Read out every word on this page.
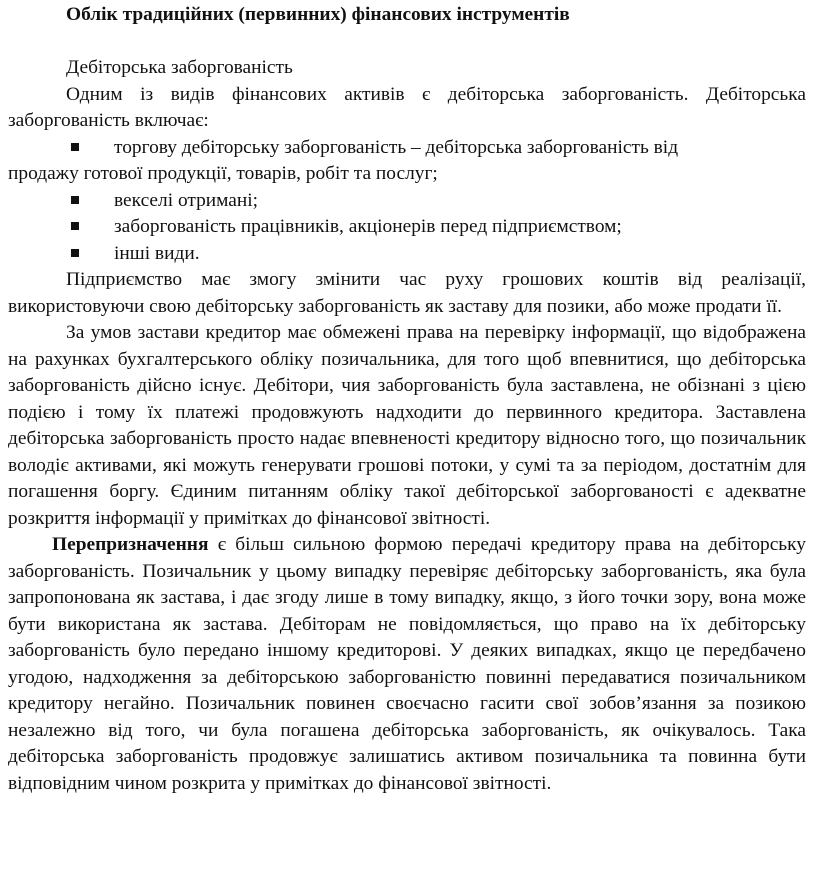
Облік традиційних (первинних) фінансових інструментів

Дебіторська заборгованість

Одним із видів фінансових активів є дебіторська заборгованість. Дебіторська заборгованість включає:

торгову дебіторську заборгованість – дебіторська заборгованість від
продажу готової продукції, товарів, робіт та послуг;
векселі отримані;
заборгованість працівників, акціонерів перед підприємством;
інші види.

Підприємство має змогу змінити час руху грошових коштів від реалізації, використовуючи свою дебіторську заборгованість як заставу для позики, або може продати її.

За умов застави кредитор має обмежені права на перевірку інформації, що відображена на рахунках бухгалтерського обліку позичальника, для того щоб впевнитися, що дебіторська заборгованість дійсно існує. Дебітори, чия заборгованість була заставлена, не обізнані з цією подією і тому їх платежі продовжують надходити до первинного кредитора. Заставлена дебіторська заборгованість просто надає впевненості кредитору відносно того, що позичальник володіє активами, які можуть генерувати грошові потоки, у сумі та за періодом, достатнім для погашення боргу. Єдиним питанням обліку такої дебіторської заборгованості є адекватне розкриття інформації у примітках до фінансової звітності.

Перепризначення є більш сильною формою передачі кредитору права на дебіторську заборгованість. Позичальник у цьому випадку перевіряє дебіторську заборгованість, яка була запропонована як застава, і дає згоду лише в тому випадку, якщо, з його точки зору, вона може бути використана як застава. Дебіторам не повідомляється, що право на їх дебіторську заборгованість було передано іншому кредиторові. У деяких випадках, якщо це передбачено угодою, надходження за дебіторською заборгованістю повинні передаватися позичальником кредитору негайно. Позичальник повинен своєчасно гасити свої зобов’язання за позикою незалежно від того, чи була погашена дебіторська заборгованість, як очікувалось. Така дебіторська заборгованість продовжує залишатись активом позичальника та повинна бути відповідним чином розкрита у примітках до фінансової звітності.
